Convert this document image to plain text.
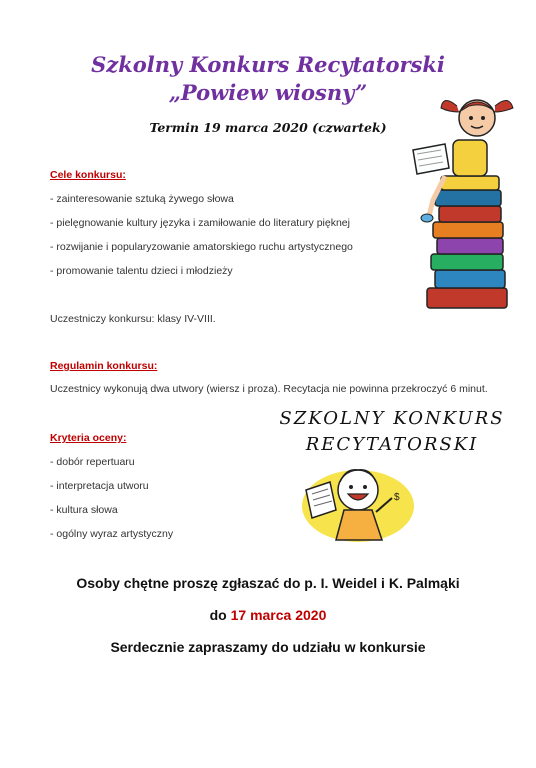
Szkolny Konkurs Recytatorski
„Powiew wiosny”
Termin 19 marca 2020 (czwartek)
Cele konkursu:
- zainteresowanie sztuką żywego słowa
- pielęgnowanie kultury języka i zamiłowanie do literatury pięknej
- rozwijanie i popularyzowanie amatorskiego ruchu artystycznego
- promowanie talentu dzieci i młodzieży
Uczestniczy konkursu: klasy IV-VIII.
Regulamin konkursu:
Uczestnicy wykonują dwa utwory (wiersz i proza). Recytacja nie powinna przekroczyć 6 minut.
Kryteria oceny:
- dobór repertuaru
- interpretacja utworu
- kultura słowa
- ogólny wyraz artystyczny
SZKOLNY KONKURS
RECYTATORSKI
$
Osoby chętne proszę zgłaszać do p. I. Weidel i K. Palmąki
do 17 marca 2020
Serdecznie zapraszamy do udziału w konkursie
